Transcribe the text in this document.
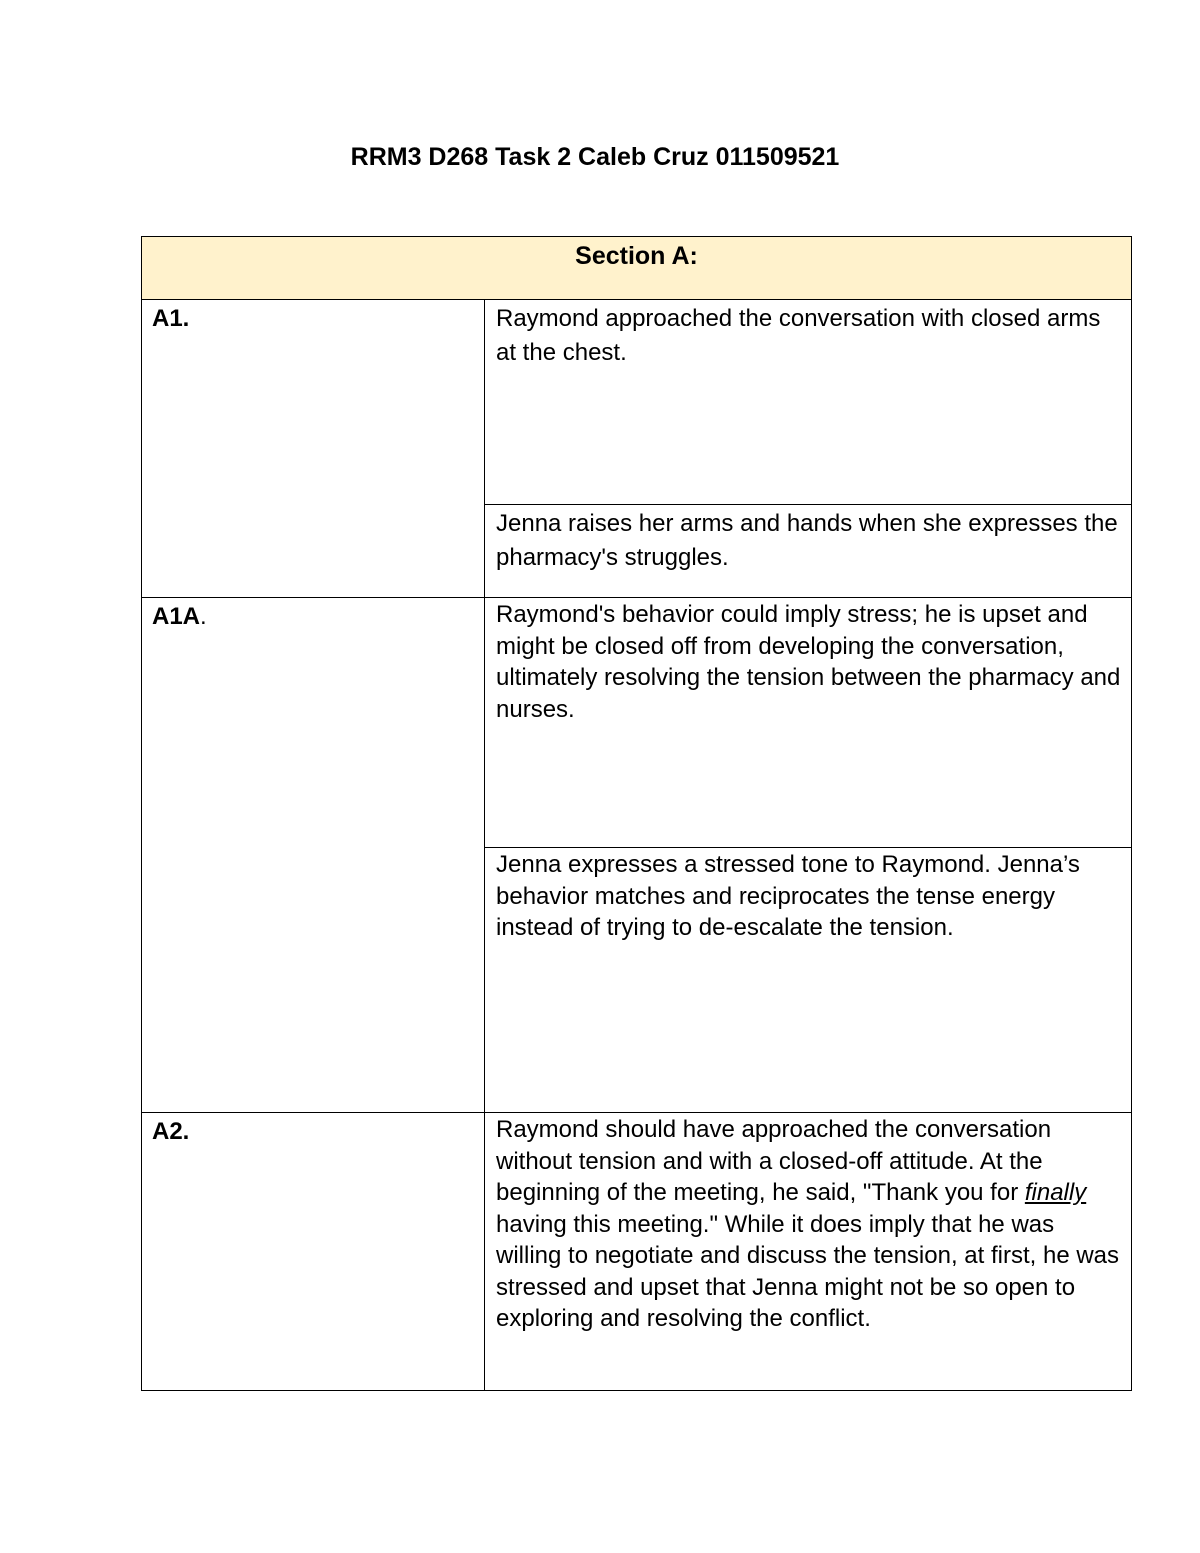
RRM3 D268 Task 2 Caleb Cruz 011509521
Section A:	

A1.	Raymond approached the conversation with closed arms at the chest.

	Jenna raises her arms and hands when she expresses the pharmacy's struggles.

A1A.	Raymond's behavior could imply stress; he is upset and might be closed off from developing the conversation, ultimately resolving the tension between the pharmacy and nurses.

	Jenna expresses a stressed tone to Raymond. Jenna’s behavior matches and reciprocates the tense energy instead of trying to de-escalate the tension.

A2.	Raymond should have approached the conversation without tension and with a closed-off attitude. At the beginning of the meeting, he said, "Thank you for finally having this meeting." While it does imply that he was willing to negotiate and discuss the tension, at first, he was stressed and upset that Jenna might not be so open to exploring and resolving the conflict.
